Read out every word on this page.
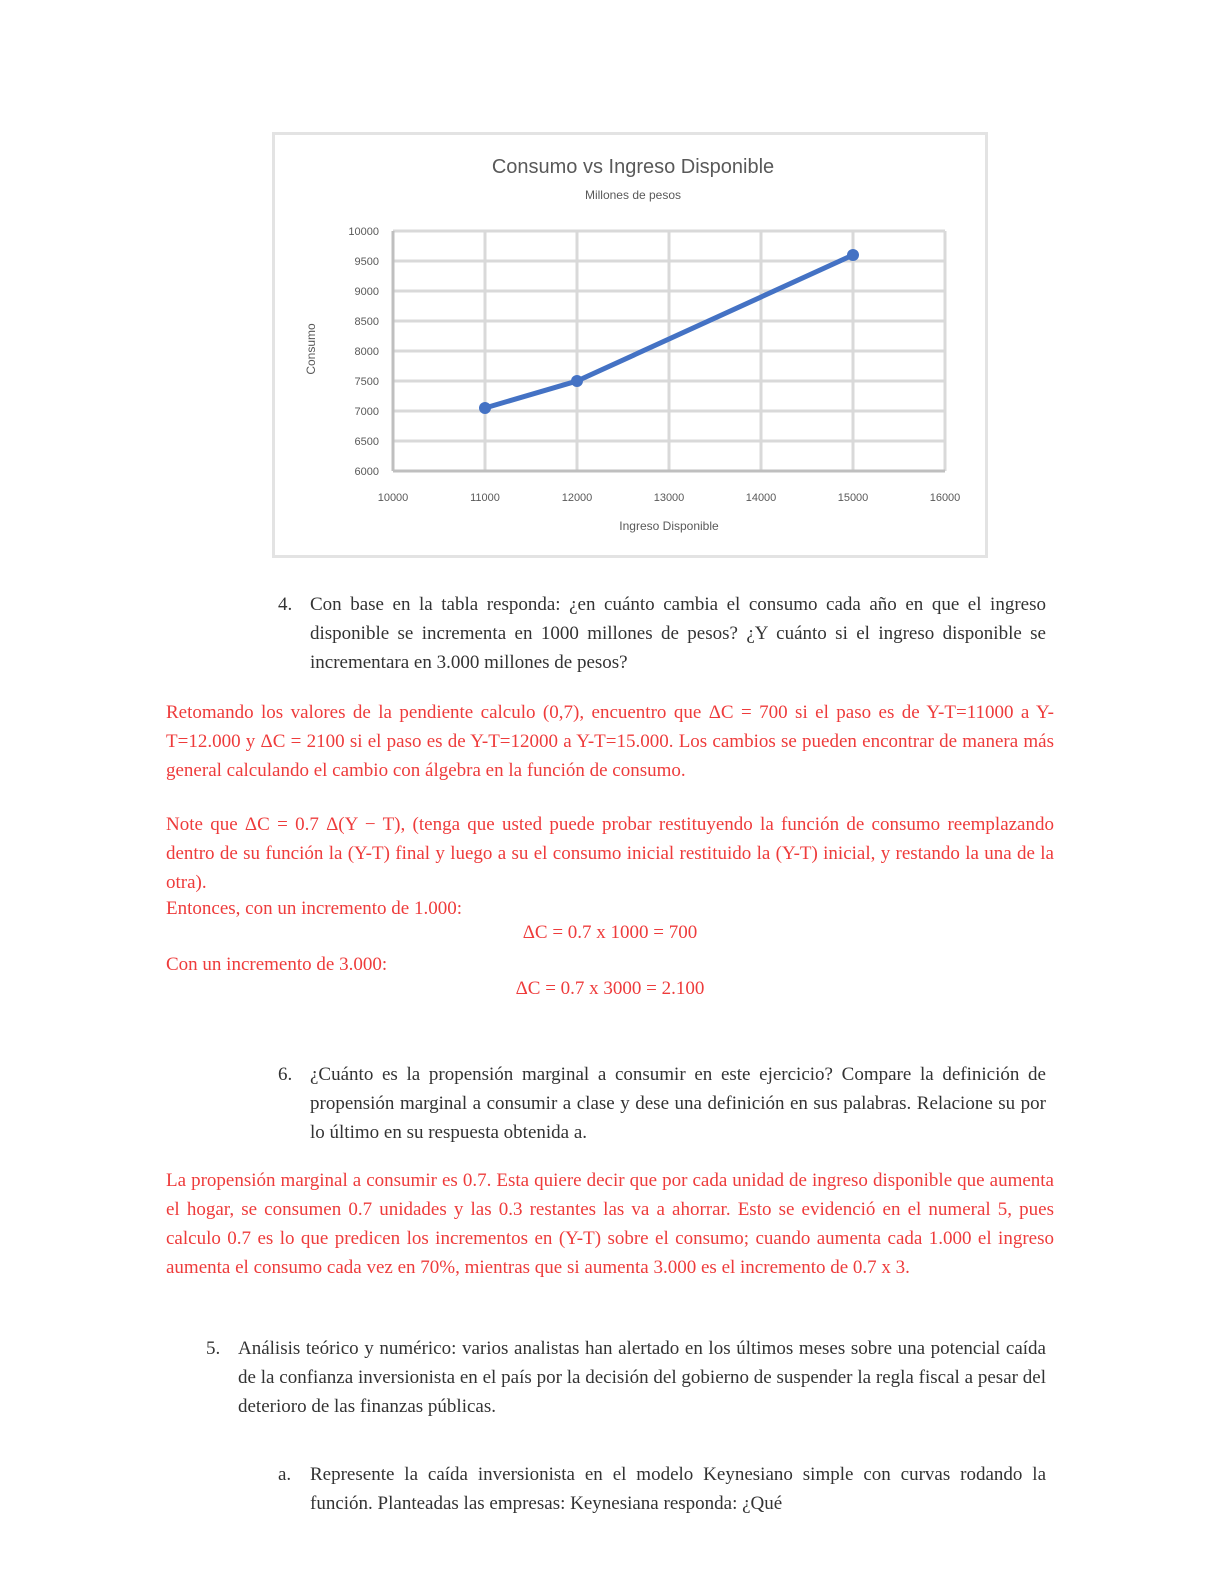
Consumo vs Ingreso Disponible
Millones de pesos
Consumo
Ingreso Disponible
6000
6500
7000
7500
8000
8500
9000
9500
10000
10000	11000	12000	13000	14000	15000	16000
4. Con base en la tabla responda: ¿en cuánto cambia el consumo cada año en que el ingreso disponible se incrementa en 1000 millones de pesos? ¿Y cuánto si el ingreso disponible se incrementara en 3.000 millones de pesos?

Retomando los valores de la pendiente calculo (0,7), encuentro que ΔC = 700 si el paso es de Y-T=11000 a Y-T=12.000 y ΔC = 2100 si el paso es de Y-T=12000 a Y-T=15.000. Los cambios se pueden encontrar de manera más general calculando el cambio con álgebra en la función de consumo.

Note que ΔC = 0.7 Δ(Y − T), (tenga que usted puede probar restituyendo la función de consumo reemplazando dentro de su función la (Y-T) final y luego a su el consumo inicial restituido la (Y-T) inicial, y restando la una de la otra).

Entonces, con un incremento de 1.000:

ΔC = 0.7 x 1000 = 700

Con un incremento de 3.000:

ΔC = 0.7 x 3000 = 2.100
6. ¿Cuánto es la propensión marginal a consumir en este ejercicio? Compare la definición de propensión marginal a consumir a clase y dese una definición en sus palabras. Relacione su por lo último en su respuesta obtenida a.

La propensión marginal a consumir es 0.7. Esta quiere decir que por cada unidad de ingreso disponible que aumenta el hogar, se consumen 0.7 unidades y las 0.3 restantes las va a ahorrar. Esto se evidenció en el numeral 5, pues calculo 0.7 es lo que predicen los incrementos en (Y-T) sobre el consumo; cuando aumenta cada 1.000 el ingreso aumenta el consumo cada vez en 70%, mientras que si aumenta 3.000 es el incremento de 0.7 x 3.

5. Análisis teórico y numérico: varios analistas han alertado en los últimos meses sobre una potencial caída de la confianza inversionista en el país por la decisión del gobierno de suspender la regla fiscal a pesar del deterioro de las finanzas públicas.

a. Represente la caída inversionista en el modelo Keynesiano simple con curvas rodando la función. Planteadas las empresas: Keynesiana responda: ¿Qué
